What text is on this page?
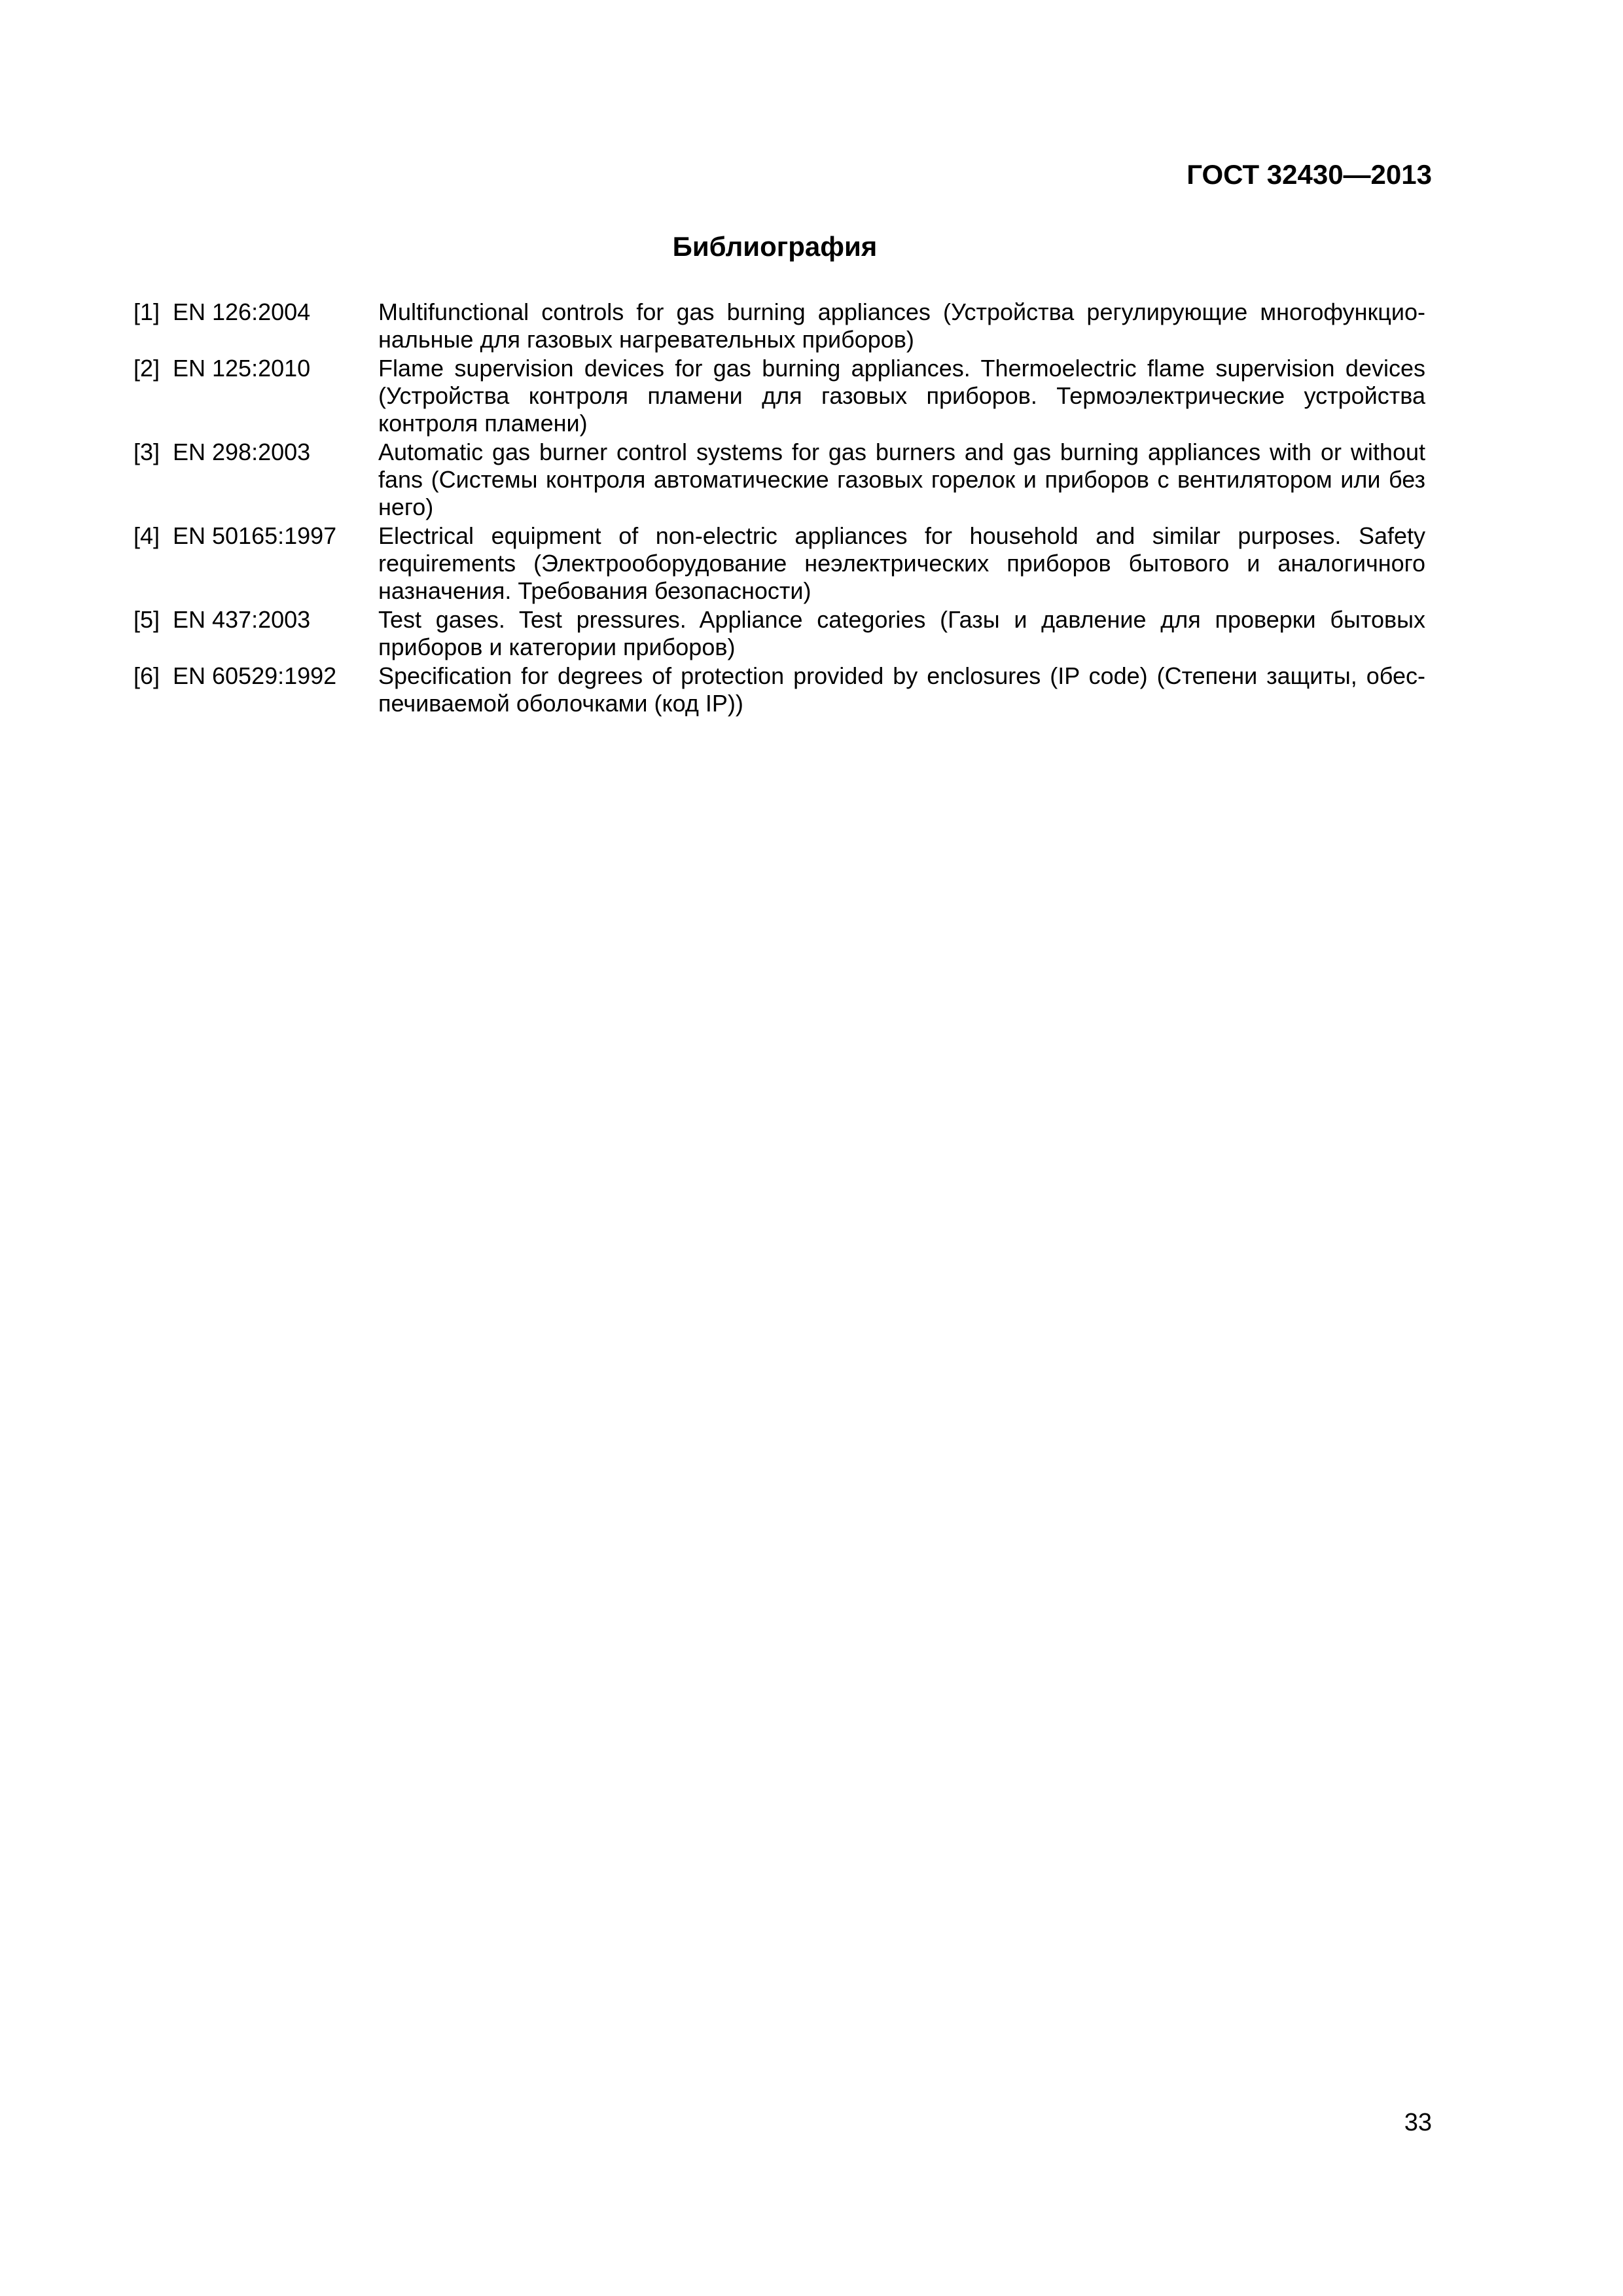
ГОСТ 32430—2013
Библиография
[1] EN 126:2004	Multifunctional controls for gas burning appliances (Устройства регулирующие многофункциональные для газовых нагревательных приборов)
[2] EN 125:2010	Flame supervision devices for gas burning appliances. Thermoelectric flame supervision devices (Устройства контроля пламени для газовых приборов. Термоэлектрические устройства контроля пламени)
[3] EN 298:2003	Automatic gas burner control systems for gas burners and gas burning appliances with or without fans (Системы контроля автоматические газовых горелок и приборов с вентилятором или без него)
[4] EN 50165:1997 Electrical equipment of non-electric appliances for household and similar purposes. Safety requirements (Электрооборудование неэлектрических приборов бытового и аналогичного назначения. Требования безопасности)
[5] EN 437:2003	Test gases. Test pressures. Appliance categories (Газы и давление для проверки бытовых приборов и категории приборов)
[6] EN 60529:1992 Specification for degrees of protection provided by enclosures (IP code) (Степени защиты, обеспечиваемой оболочками (код IP))
33
